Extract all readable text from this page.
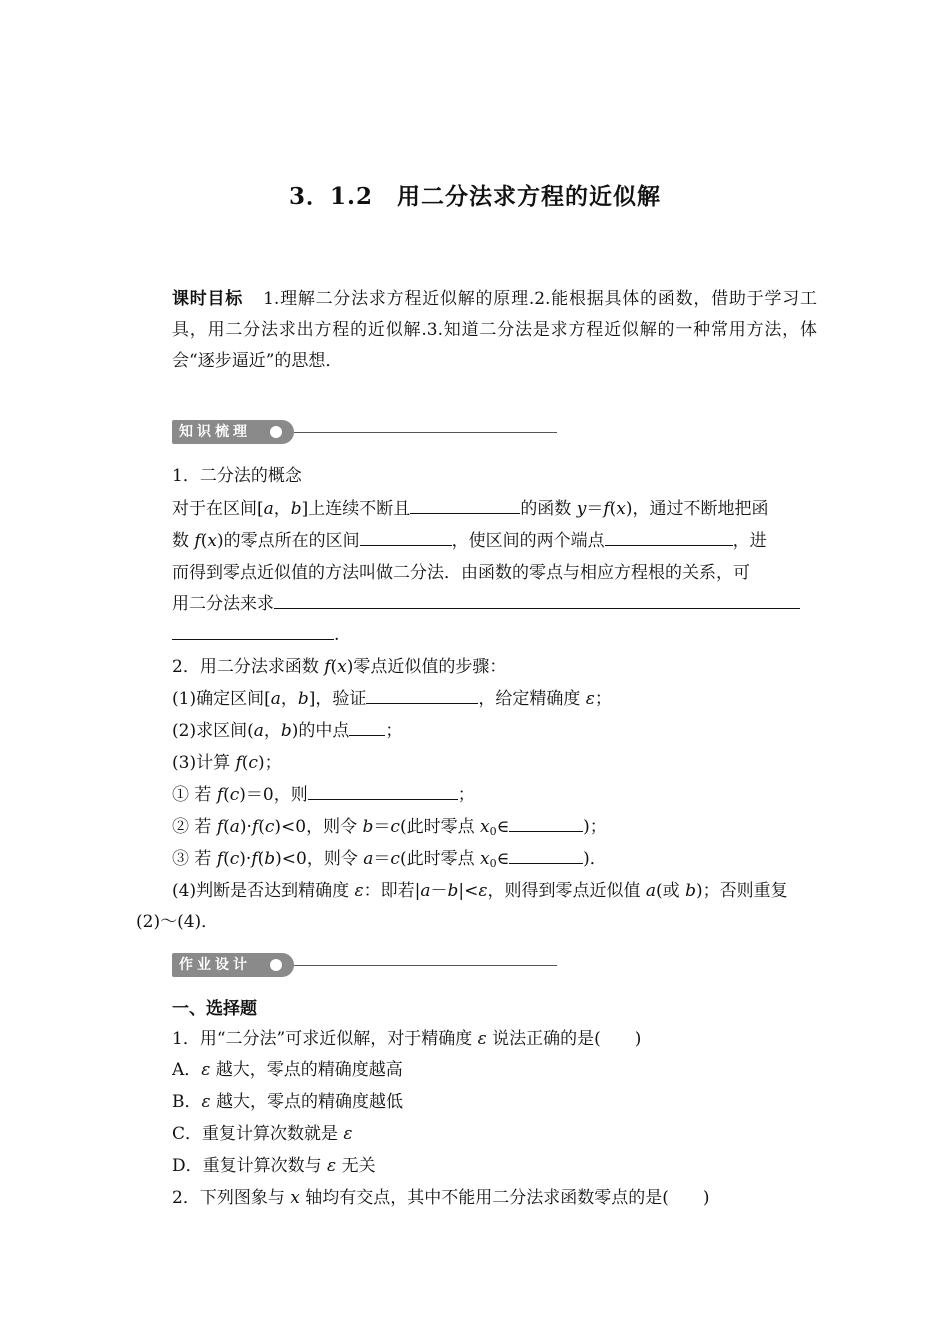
3．1.2　用二分法求方程的近似解
课时目标 1.理解二分法求方程近似解的原理.2.能根据具体的函数，借助于学习工具，用二分法求出方程的近似解.3.知道二分法是求方程近似解的一种常用方法，体会“逐步逼近”的思想．
知识梳理
1．二分法的概念
对于在区间[a，b]上连续不断且	的函数 y＝f(x)，通过不断地把函
数 f(x)的零点所在的区间	，使区间的两个端点	，进
而得到零点近似值的方法叫做二分法．由函数的零点与相应方程根的关系，可
用二分法来求
.
2．用二分法求函数 f(x)零点近似值的步骤：
(1)确定区间[a，b]，验证	，给定精确度 ε；
(2)求区间(a，b)的中点 ；
(3)计算 f(c)；
① 若 f(c)＝0，则	；
② 若 f(a)·f(c)<0，则令 b＝c(此时零点 $x_0\in$	)；
③ 若 f(c)·f(b)<0，则令 a＝c(此时零点 $x_0\in$	)．
(4)判断是否达到精确度 ε：即若|a－b|<ε，则得到零点近似值 a(或 b)；否则重复
(2)～(4)．
作业设计
一、选择题
1．用“二分法”可求近似解，对于精确度 ε 说法正确的是(　　)
A．ε 越大，零点的精确度越高
B．ε 越大，零点的精确度越低
C．重复计算次数就是 ε
D．重复计算次数与 ε 无关
2．下列图象与 x 轴均有交点，其中不能用二分法求函数零点的是(　　)
